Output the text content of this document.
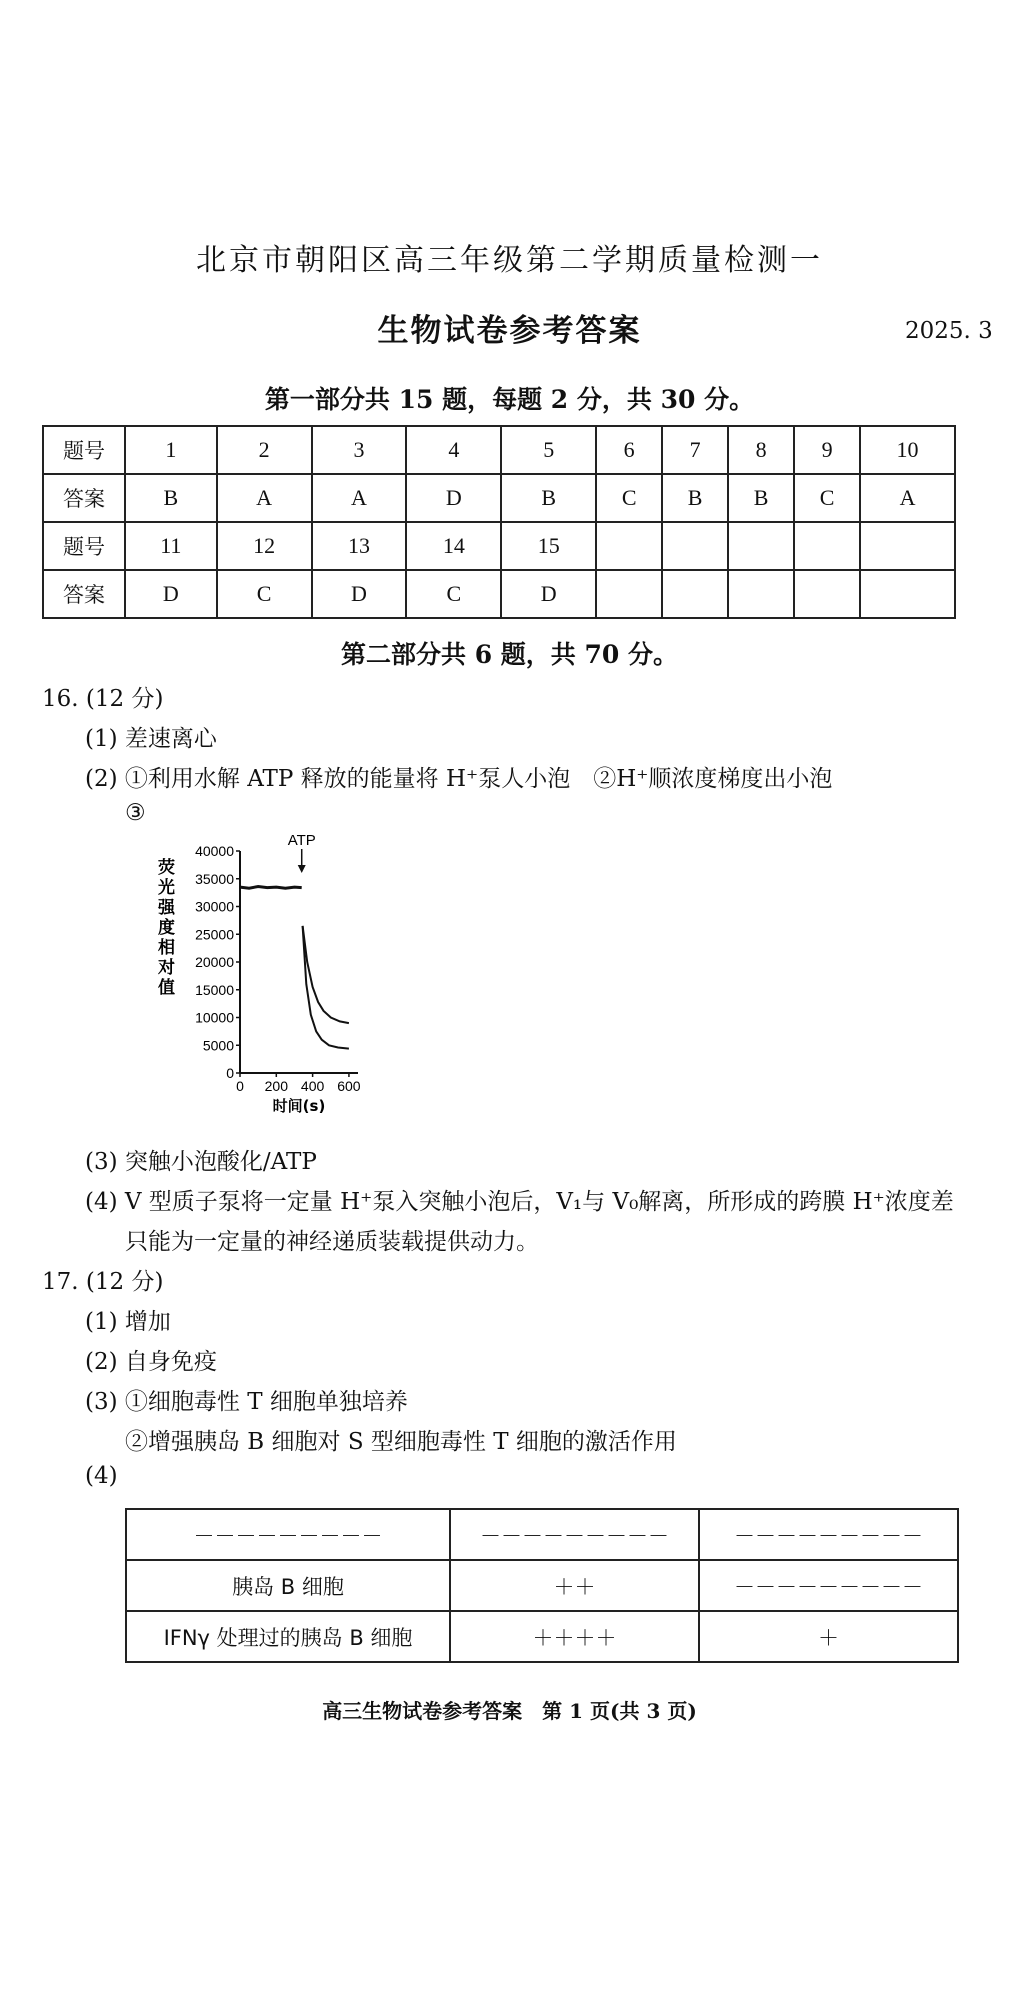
北京市朝阳区高三年级第二学期质量检测一
生物试卷参考答案	2025. 3
第一部分共 15 题，每题 2 分，共 30 分。
题号	1	2	3	4	5	6	7	8	9	10
答案	B	A	A	D	B	C	B	B	C	A
题号	11	12	13	14	15					
答案	D	C	D	C	D					
第二部分共 6 题，共 70 分。
16. (12 分)
(1) 差速离心
(2) ①利用水解 ATP 释放的能量将 H⁺泵人小泡　②H⁺顺浓度梯度出小泡
③
0
5000
10000
15000
20000
25000
30000
35000
40000
0 200 400 600
ATP
荧光强度相对值
时间(s)
(3) 突触小泡酸化/ATP
(4) V 型质子泵将一定量 H⁺泵入突触小泡后，V₁与 V₀解离，所形成的跨膜 H⁺浓度差
只能为一定量的神经递质装载提供动力。
17. (12 分)
(1) 增加
(2) 自身免疫
(3) ①细胞毒性 T 细胞单独培养
②增强胰岛 B 细胞对 S 型细胞毒性 T 细胞的激活作用
(4)
－－－－－－－－－	－－－－－－－－－	－－－－－－－－－
胰岛 B 细胞	＋＋	－－－－－－－－－
IFNγ 处理过的胰岛 B 细胞	＋＋＋＋	＋
高三生物试卷参考答案　第 1 页(共 3 页)
